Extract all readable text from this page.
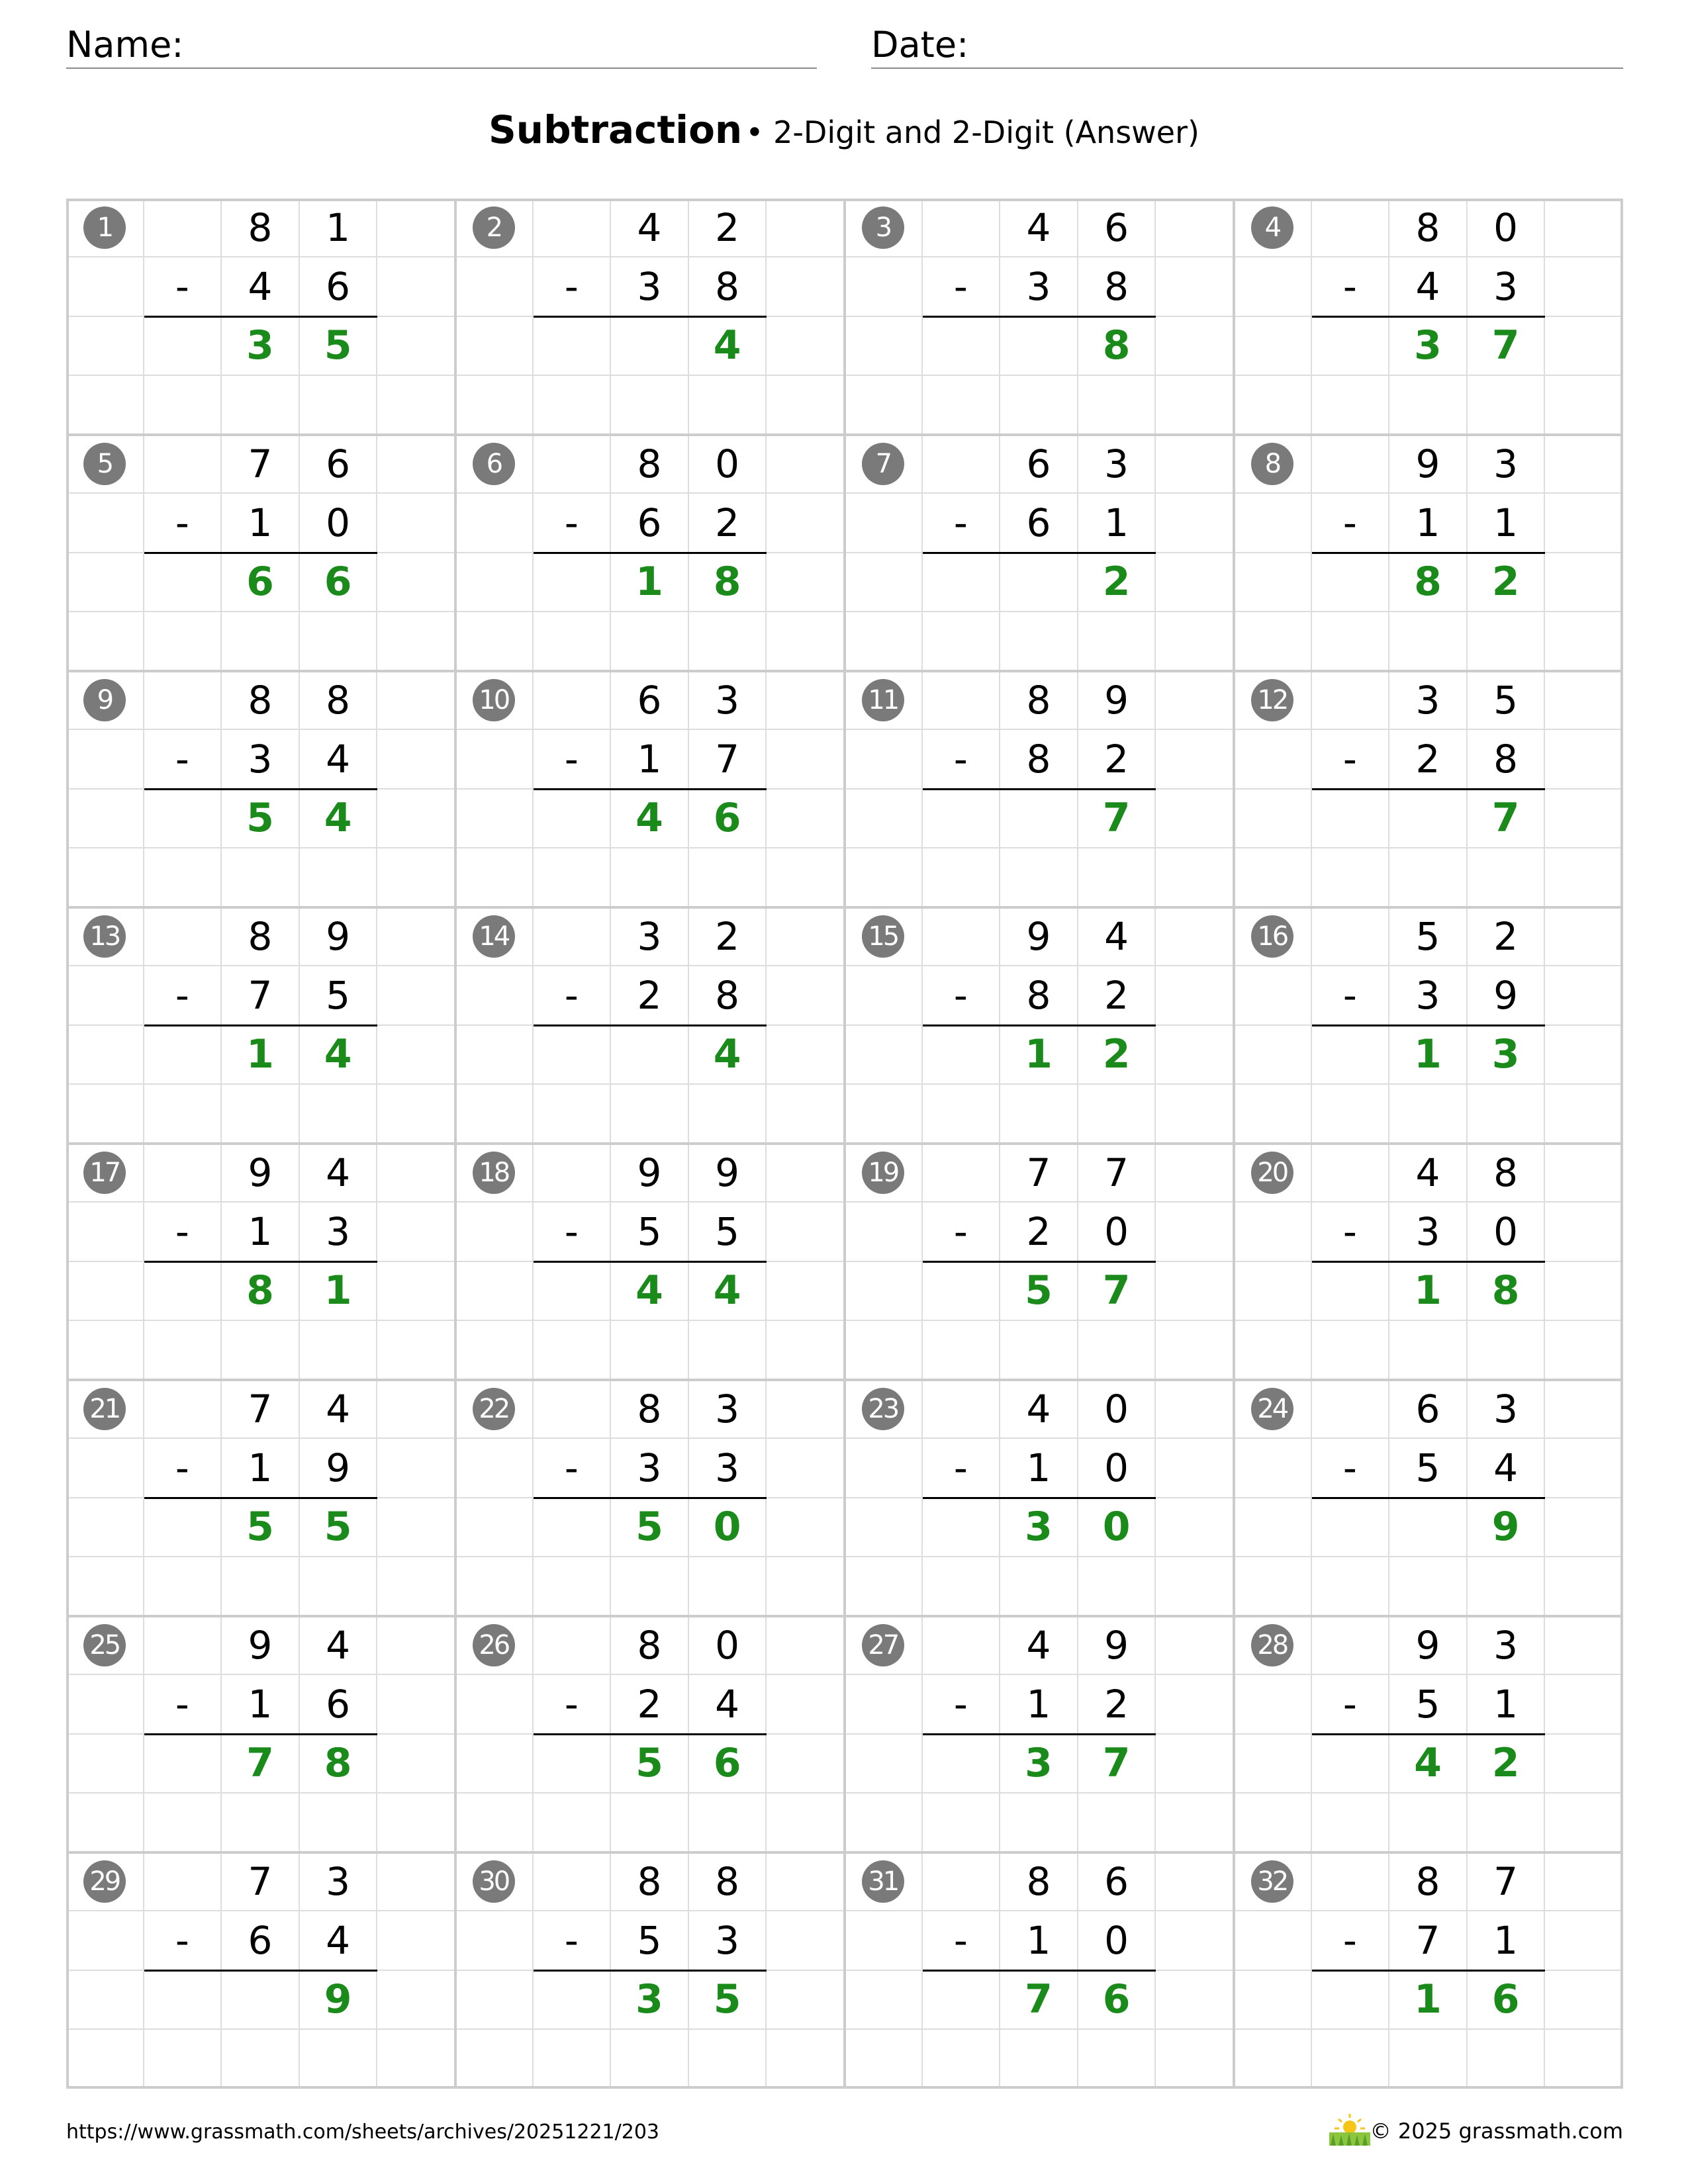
Name:	Date:
Subtraction • 2-Digit and 2-Digit (Answer)
1	8	1
-	4	6
3	5
2	4	2
-	3	8
4
3	4	6
-	3	8
8
4	8	0
-	4	3
3	7
5	7	6
-	1	0
6	6
6	8	0
-	6	2
1	8
7	6	3
-	6	1
2
8	9	3
-	1	1
8	2
9	8	8
-	3	4
5	4
10	6	3
-	1	7
4	6
11	8	9
-	8	2
7
12	3	5
-	2	8
7
13	8	9
-	7	5
1	4
14	3	2
-	2	8
4
15	9	4
-	8	2
1	2
16	5	2
-	3	9
1	3
17	9	4
-	1	3
8	1
18	9	9
-	5	5
4	4
19	7	7
-	2	0
5	7
20	4	8
-	3	0
1	8
21	7	4
-	1	9
5	5
22	8	3
-	3	3
5	0
23	4	0
-	1	0
3	0
24	6	3
-	5	4
9
25	9	4
-	1	6
7	8
26	8	0
-	2	4
5	6
27	4	9
-	1	2
3	7
28	9	3
-	5	1
4	2
29	7	3
-	6	4
9
30	8	8
-	5	3
3	5
31	8	6
-	1	0
7	6
32	8	7
-	7	1
1	6
https://www.grassmath.com/sheets/archives/20251221/203	© 2025 grassmath.com
